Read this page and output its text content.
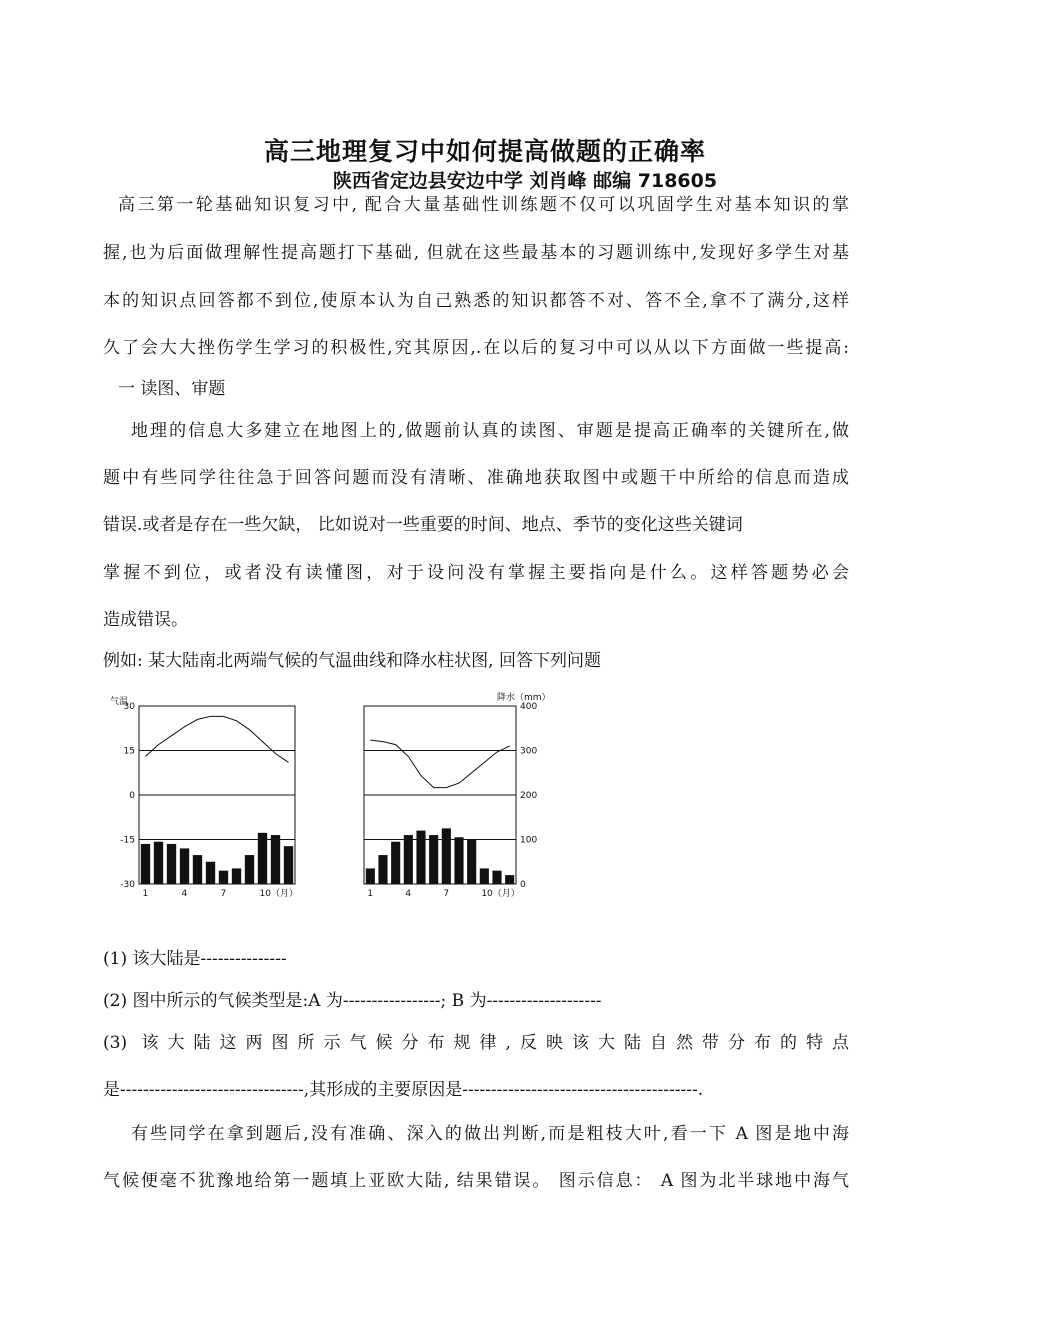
高三地理复习中如何提高做题的正确率
陕西省定边县安边中学 刘肖峰 邮编 718605
高三第一轮基础知识复习中, 配合大量基础性训练题不仅可以巩固学生对基本知识的掌
握,也为后面做理解性提高题打下基础, 但就在这些最基本的习题训练中,发现好多学生对基
本的知识点回答都不到位,使原本认为自己熟悉的知识都答不对、答不全,拿不了满分,这样
久了会大大挫伤学生学习的积极性,究其原因,.在以后的复习中可以从以下方面做一些提高:
一 读图、审题
地理的信息大多建立在地图上的,做题前认真的读图、审题是提高正确率的关键所在,做
题中有些同学往往急于回答问题而没有清晰、准确地获取图中或题干中所给的信息而造成
错误.或者是存在一些欠缺， 比如说对一些重要的时间、地点、季节的变化这些关键词
掌握不到位，或者没有读懂图，对于设问没有掌握主要指向是什么。这样答题势必会
造成错误。
例如: 某大陆南北两端气候的气温曲线和降水柱状图, 回答下列问题
气温
30
15
0
-15
-30
1	4	7	10（月）
降水（mm）
400
300
200
100
0
1	4	7	10（月）
(1) 该大陆是---------------
(2) 图中所示的气候类型是:A 为-----------------; B 为--------------------
(3) 该大陆这两图所示气候分布规律,反映该大陆自然带分布的特点
是--------------------------------,其形成的主要原因是-----------------------------------------.
有些同学在拿到题后,没有准确、深入的做出判断,而是粗枝大叶,看一下 A 图是地中海
气候便毫不犹豫地给第一题填上亚欧大陆, 结果错误。 图示信息： A 图为北半球地中海气
